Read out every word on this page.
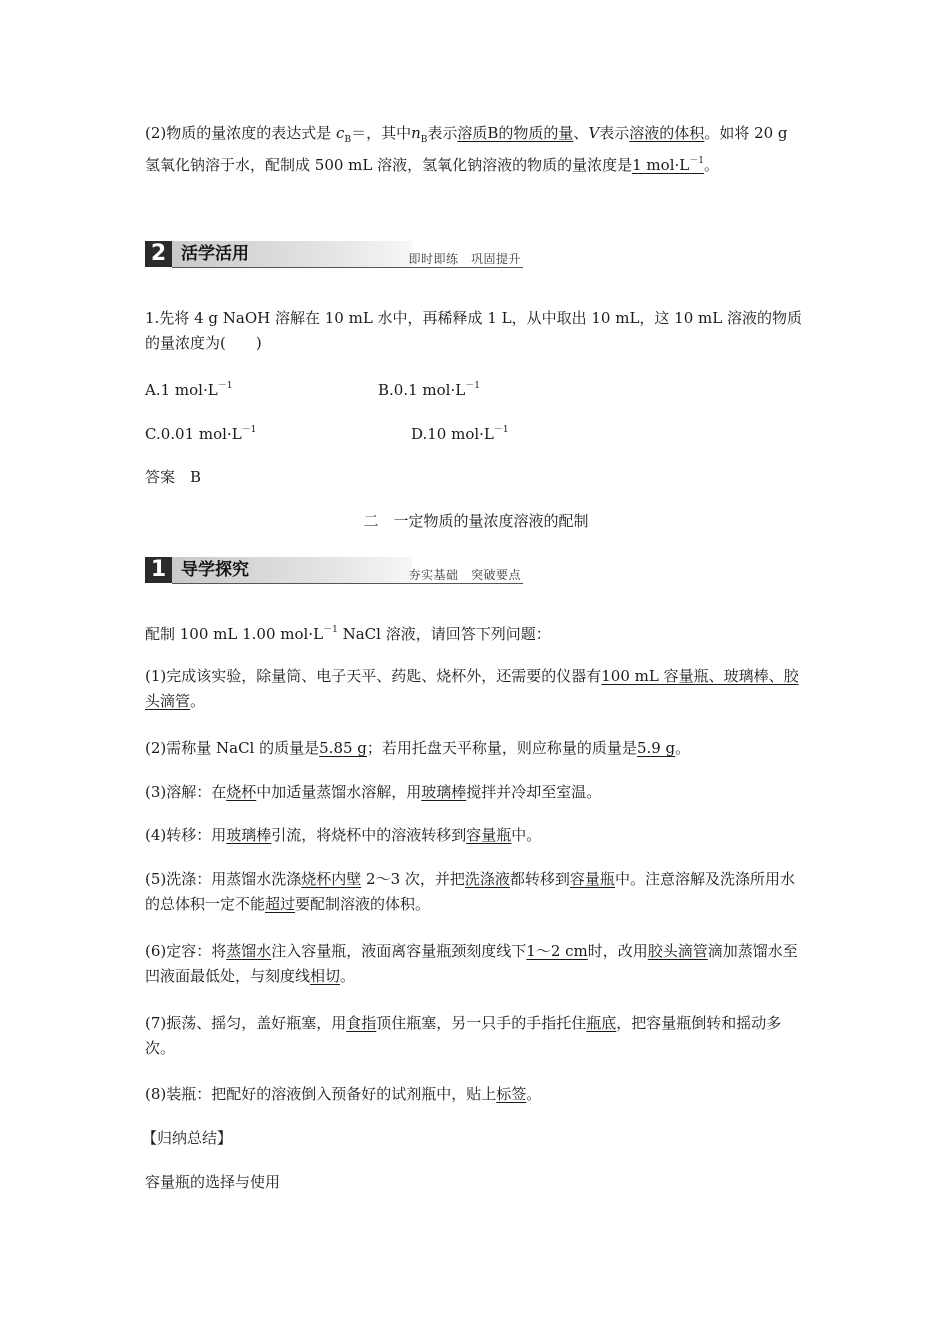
(2)物质的量浓度的表达式是 $c_B=$，其中$n_B$表示溶质B的物质的量、V表示溶液的体积。如将 20 g 氢氧化钠溶于水，配制成 500 mL 溶液，氢氧化钠溶液的物质的量浓度是1 $mol\cdot L^{-1}$。
2 活学活用	即时即练　巩固提升
1.先将 4 g NaOH 溶解在 10 mL 水中，再稀释成 1 L，从中取出 10 mL，这 10 mL 溶液的物质的量浓度为(　　)
A.1 $mol\cdot L^{-1}$	B.0.1 $mol\cdot L^{-1}$
C.0.01 $mol\cdot L^{-1}$	D.10 $mol\cdot L^{-1}$
答案　B
二　一定物质的量浓度溶液的配制
1 导学探究	夯实基础　突破要点
配制 100 mL 1.00 $mol\cdot L^{-1}$ NaCl 溶液，请回答下列问题：
(1)完成该实验，除量筒、电子天平、药匙、烧杯外，还需要的仪器有100 mL 容量瓶、玻璃棒、胶头滴管。
(2)需称量 NaCl 的质量是5.85 g；若用托盘天平称量，则应称量的质量是5.9 g。
(3)溶解：在烧杯中加适量蒸馏水溶解，用玻璃棒搅拌并冷却至室温。
(4)转移：用玻璃棒引流，将烧杯中的溶液转移到容量瓶中。
(5)洗涤：用蒸馏水洗涤烧杯内壁 2～3 次，并把洗涤液都转移到容量瓶中。注意溶解及洗涤所用水的总体积一定不能超过要配制溶液的体积。
(6)定容：将蒸馏水注入容量瓶，液面离容量瓶颈刻度线下1～2 cm时，改用胶头滴管滴加蒸馏水至凹液面最低处，与刻度线相切。
(7)振荡、摇匀，盖好瓶塞，用食指顶住瓶塞，另一只手的手指托住瓶底，把容量瓶倒转和摇动多次。
(8)装瓶：把配好的溶液倒入预备好的试剂瓶中，贴上标签。
【归纳总结】
容量瓶的选择与使用
